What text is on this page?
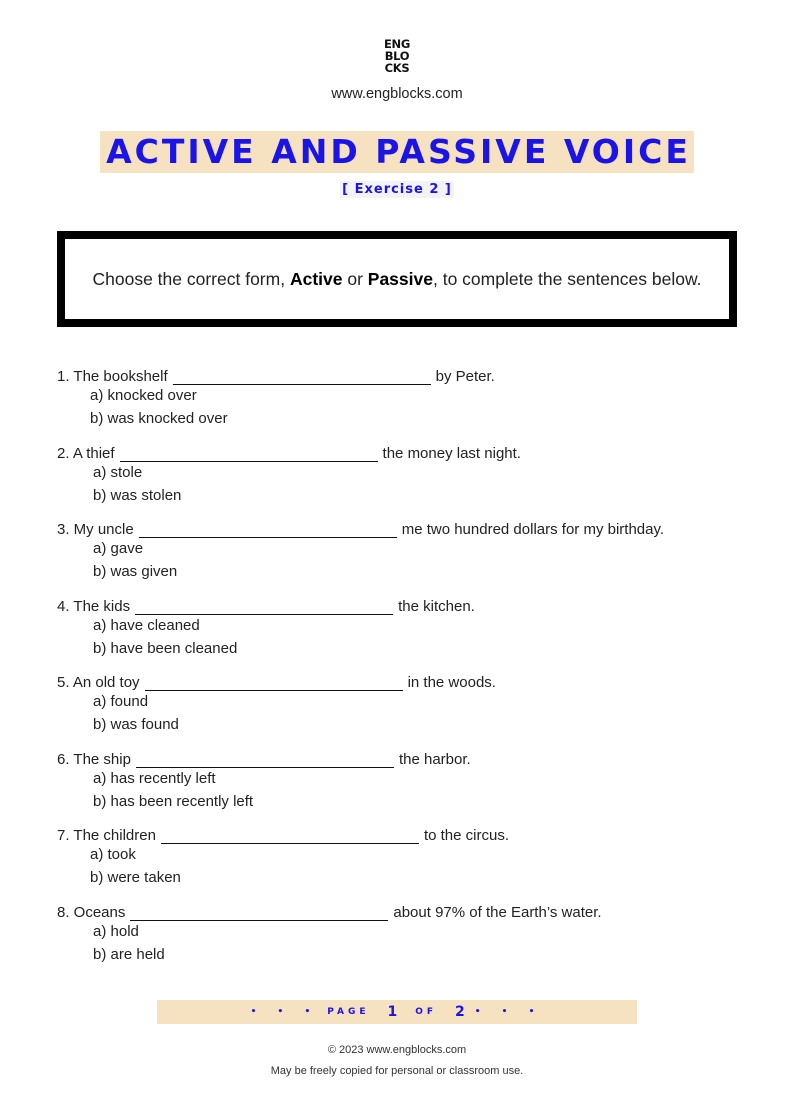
ENG
BLO
CKS
www.engblocks.com
ACTIVE AND PASSIVE VOICE
[ Exercise 2 ]
Choose the correct form, Active or Passive, to complete the sentences below.
1. The bookshelf	by Peter.
a) knocked over
b) was knocked over
2. A thief	the money last night.
a) stole
b) was stolen
3. My uncle	me two hundred dollars for my birthday.
a) gave
b) was given
4. The kids	the kitchen.
a) have cleaned
b) have been cleaned
5. An old toy	in the woods.
a) found
b) was found
6. The ship	the harbor.
a) has recently left
b) has been recently left
7. The children	to the circus.
a) took
b) were taken
8. Oceans	about 97% of the Earth’s water.
a) hold
b) are held
• • • PAGE 1 OF 2 • • •
© 2023 www.engblocks.com
May be freely copied for personal or classroom use.
